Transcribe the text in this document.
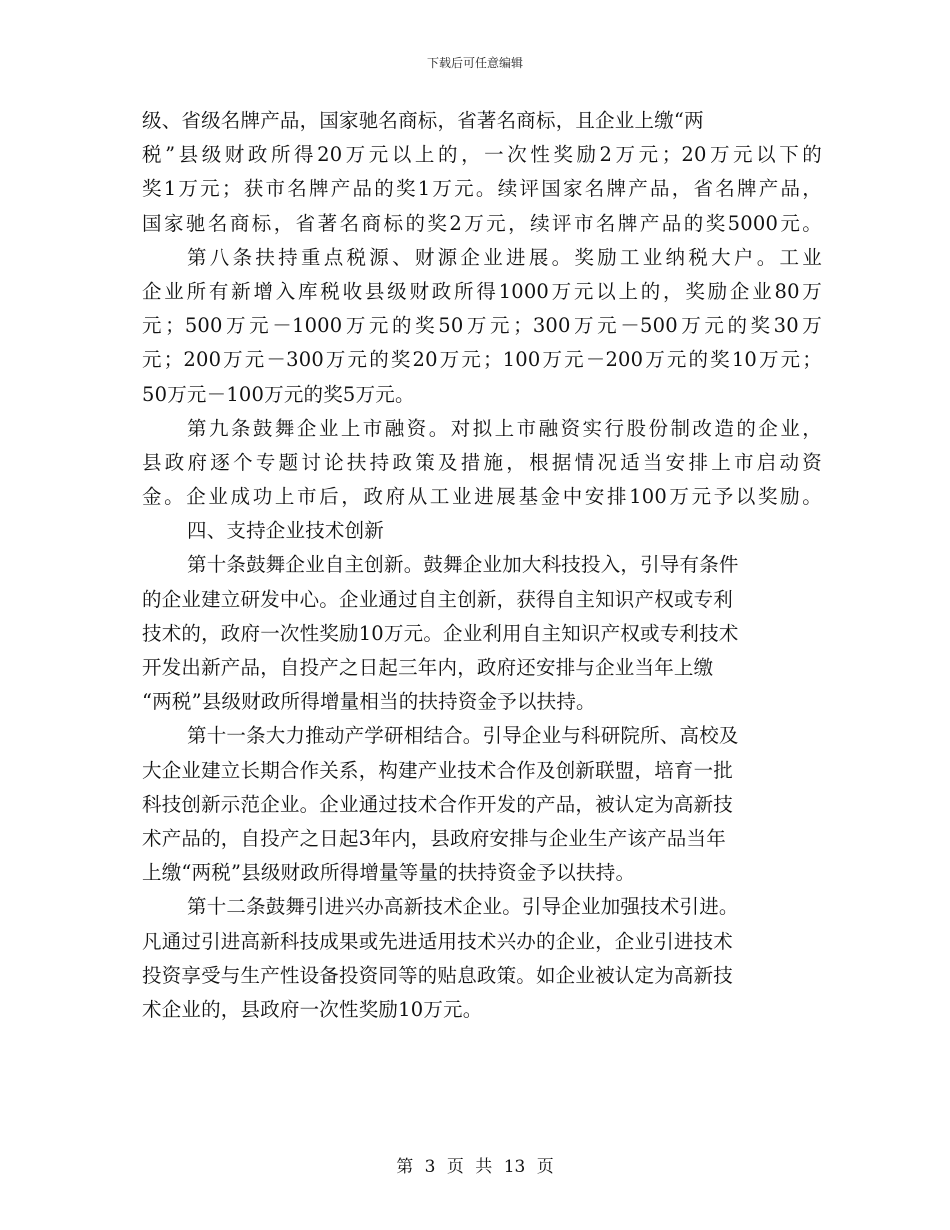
下载后可任意编辑
级、省级名牌产品，国家驰名商标，省著名商标，且企业上缴“两
税”县级财政所得20万元以上的，一次性奖励2万元；20万元以下的
奖1万元；获市名牌产品的奖1万元。续评国家名牌产品，省名牌产品，
国家驰名商标，省著名商标的奖2万元，续评市名牌产品的奖5000元。
第八条扶持重点税源、财源企业进展。奖励工业纳税大户。工业
企业所有新增入库税收县级财政所得1000万元以上的，奖励企业80万
元；500万元－1000万元的奖50万元；300万元－500万元的奖30万
元；200万元－300万元的奖20万元；100万元－200万元的奖10万元；
50万元－100万元的奖5万元。
第九条鼓舞企业上市融资。对拟上市融资实行股份制改造的企业，
县政府逐个专题讨论扶持政策及措施，根据情况适当安排上市启动资
金。企业成功上市后，政府从工业进展基金中安排100万元予以奖励。
四、支持企业技术创新
第十条鼓舞企业自主创新。鼓舞企业加大科技投入，引导有条件
的企业建立研发中心。企业通过自主创新，获得自主知识产权或专利
技术的，政府一次性奖励10万元。企业利用自主知识产权或专利技术
开发出新产品，自投产之日起三年内，政府还安排与企业当年上缴
“两税”县级财政所得增量相当的扶持资金予以扶持。
第十一条大力推动产学研相结合。引导企业与科研院所、高校及
大企业建立长期合作关系，构建产业技术合作及创新联盟，培育一批
科技创新示范企业。企业通过技术合作开发的产品，被认定为高新技
术产品的，自投产之日起3年内，县政府安排与企业生产该产品当年
上缴“两税”县级财政所得增量等量的扶持资金予以扶持。
第十二条鼓舞引进兴办高新技术企业。引导企业加强技术引进。
凡通过引进高新科技成果或先进适用技术兴办的企业，企业引进技术
投资享受与生产性设备投资同等的贴息政策。如企业被认定为高新技
术企业的，县政府一次性奖励10万元。
第 3 页 共 13 页
